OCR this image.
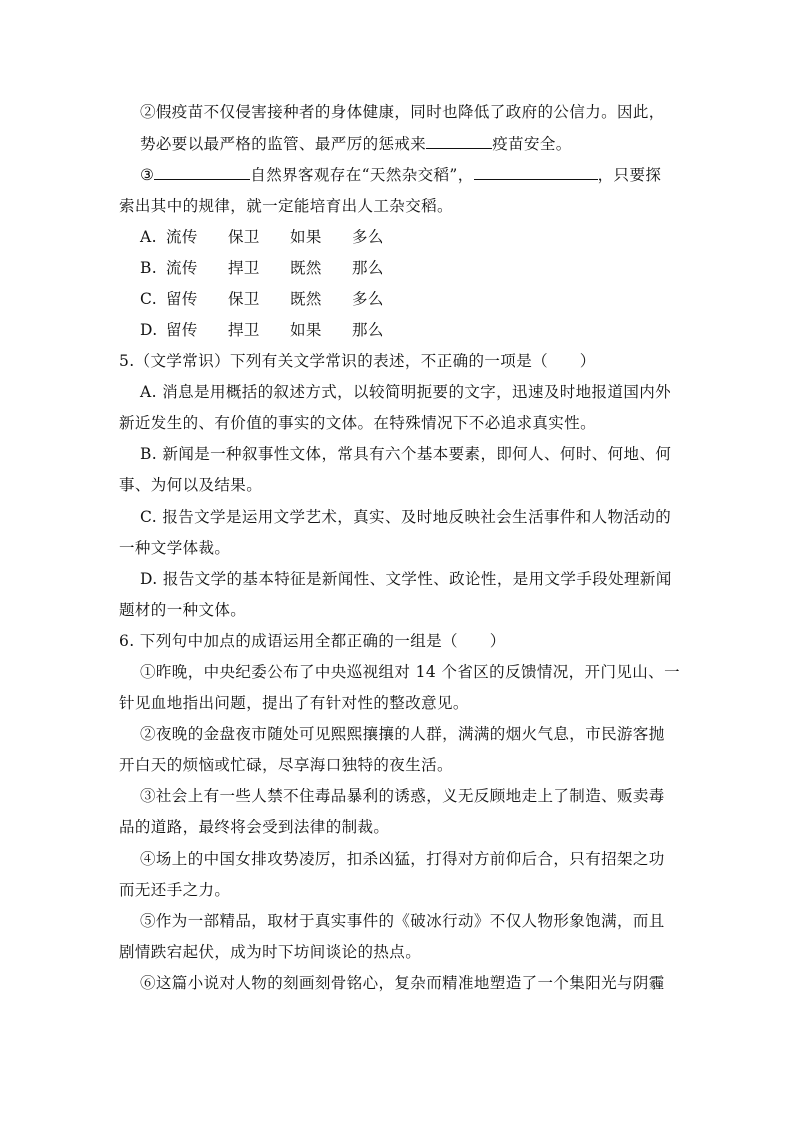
②假疫苗不仅侵害接种者的身体健康，同时也降低了政府的公信力。因此，
势必要以最严格的监管、最严厉的惩戒来	疫苗安全。
③	自然界客观存在“天然杂交稻”，	，只要探
索出其中的规律，就一定能培育出人工杂交稻。
A. 流传 保卫 如果 多么
B. 流传 捍卫 既然 那么
C. 留传 保卫 既然 多么
D. 留传 捍卫 如果 那么
5.（文学常识）下列有关文学常识的表述，不正确的一项是（　　）
A. 消息是用概括的叙述方式，以较简明扼要的文字，迅速及时地报道国内外
新近发生的、有价值的事实的文体。在特殊情况下不必追求真实性。
B. 新闻是一种叙事性文体，常具有六个基本要素，即何人、何时、何地、何
事、为何以及结果。
C. 报告文学是运用文学艺术，真实、及时地反映社会生活事件和人物活动的
一种文学体裁。
D. 报告文学的基本特征是新闻性、文学性、政论性，是用文学手段处理新闻
题材的一种文体。
6. 下列句中加点的成语运用全都正确的一组是（　　）
①昨晚，中央纪委公布了中央巡视组对 14 个省区的反馈情况，开门见山、一
针见血地指出问题，提出了有针对性的整改意见。
②夜晚的金盘夜市随处可见熙熙攘攘的人群，满满的烟火气息，市民游客抛
开白天的烦恼或忙碌，尽享海口独特的夜生活。
③社会上有一些人禁不住毒品暴利的诱惑，义无反顾地走上了制造、贩卖毒
品的道路，最终将会受到法律的制裁。
④场上的中国女排攻势凌厉，扣杀凶猛，打得对方前仰后合，只有招架之功
而无还手之力。
⑤作为一部精品，取材于真实事件的《破冰行动》不仅人物形象饱满，而且
剧情跌宕起伏，成为时下坊间谈论的热点。
⑥这篇小说对人物的刻画刻骨铭心，复杂而精准地塑造了一个集阳光与阴霾
